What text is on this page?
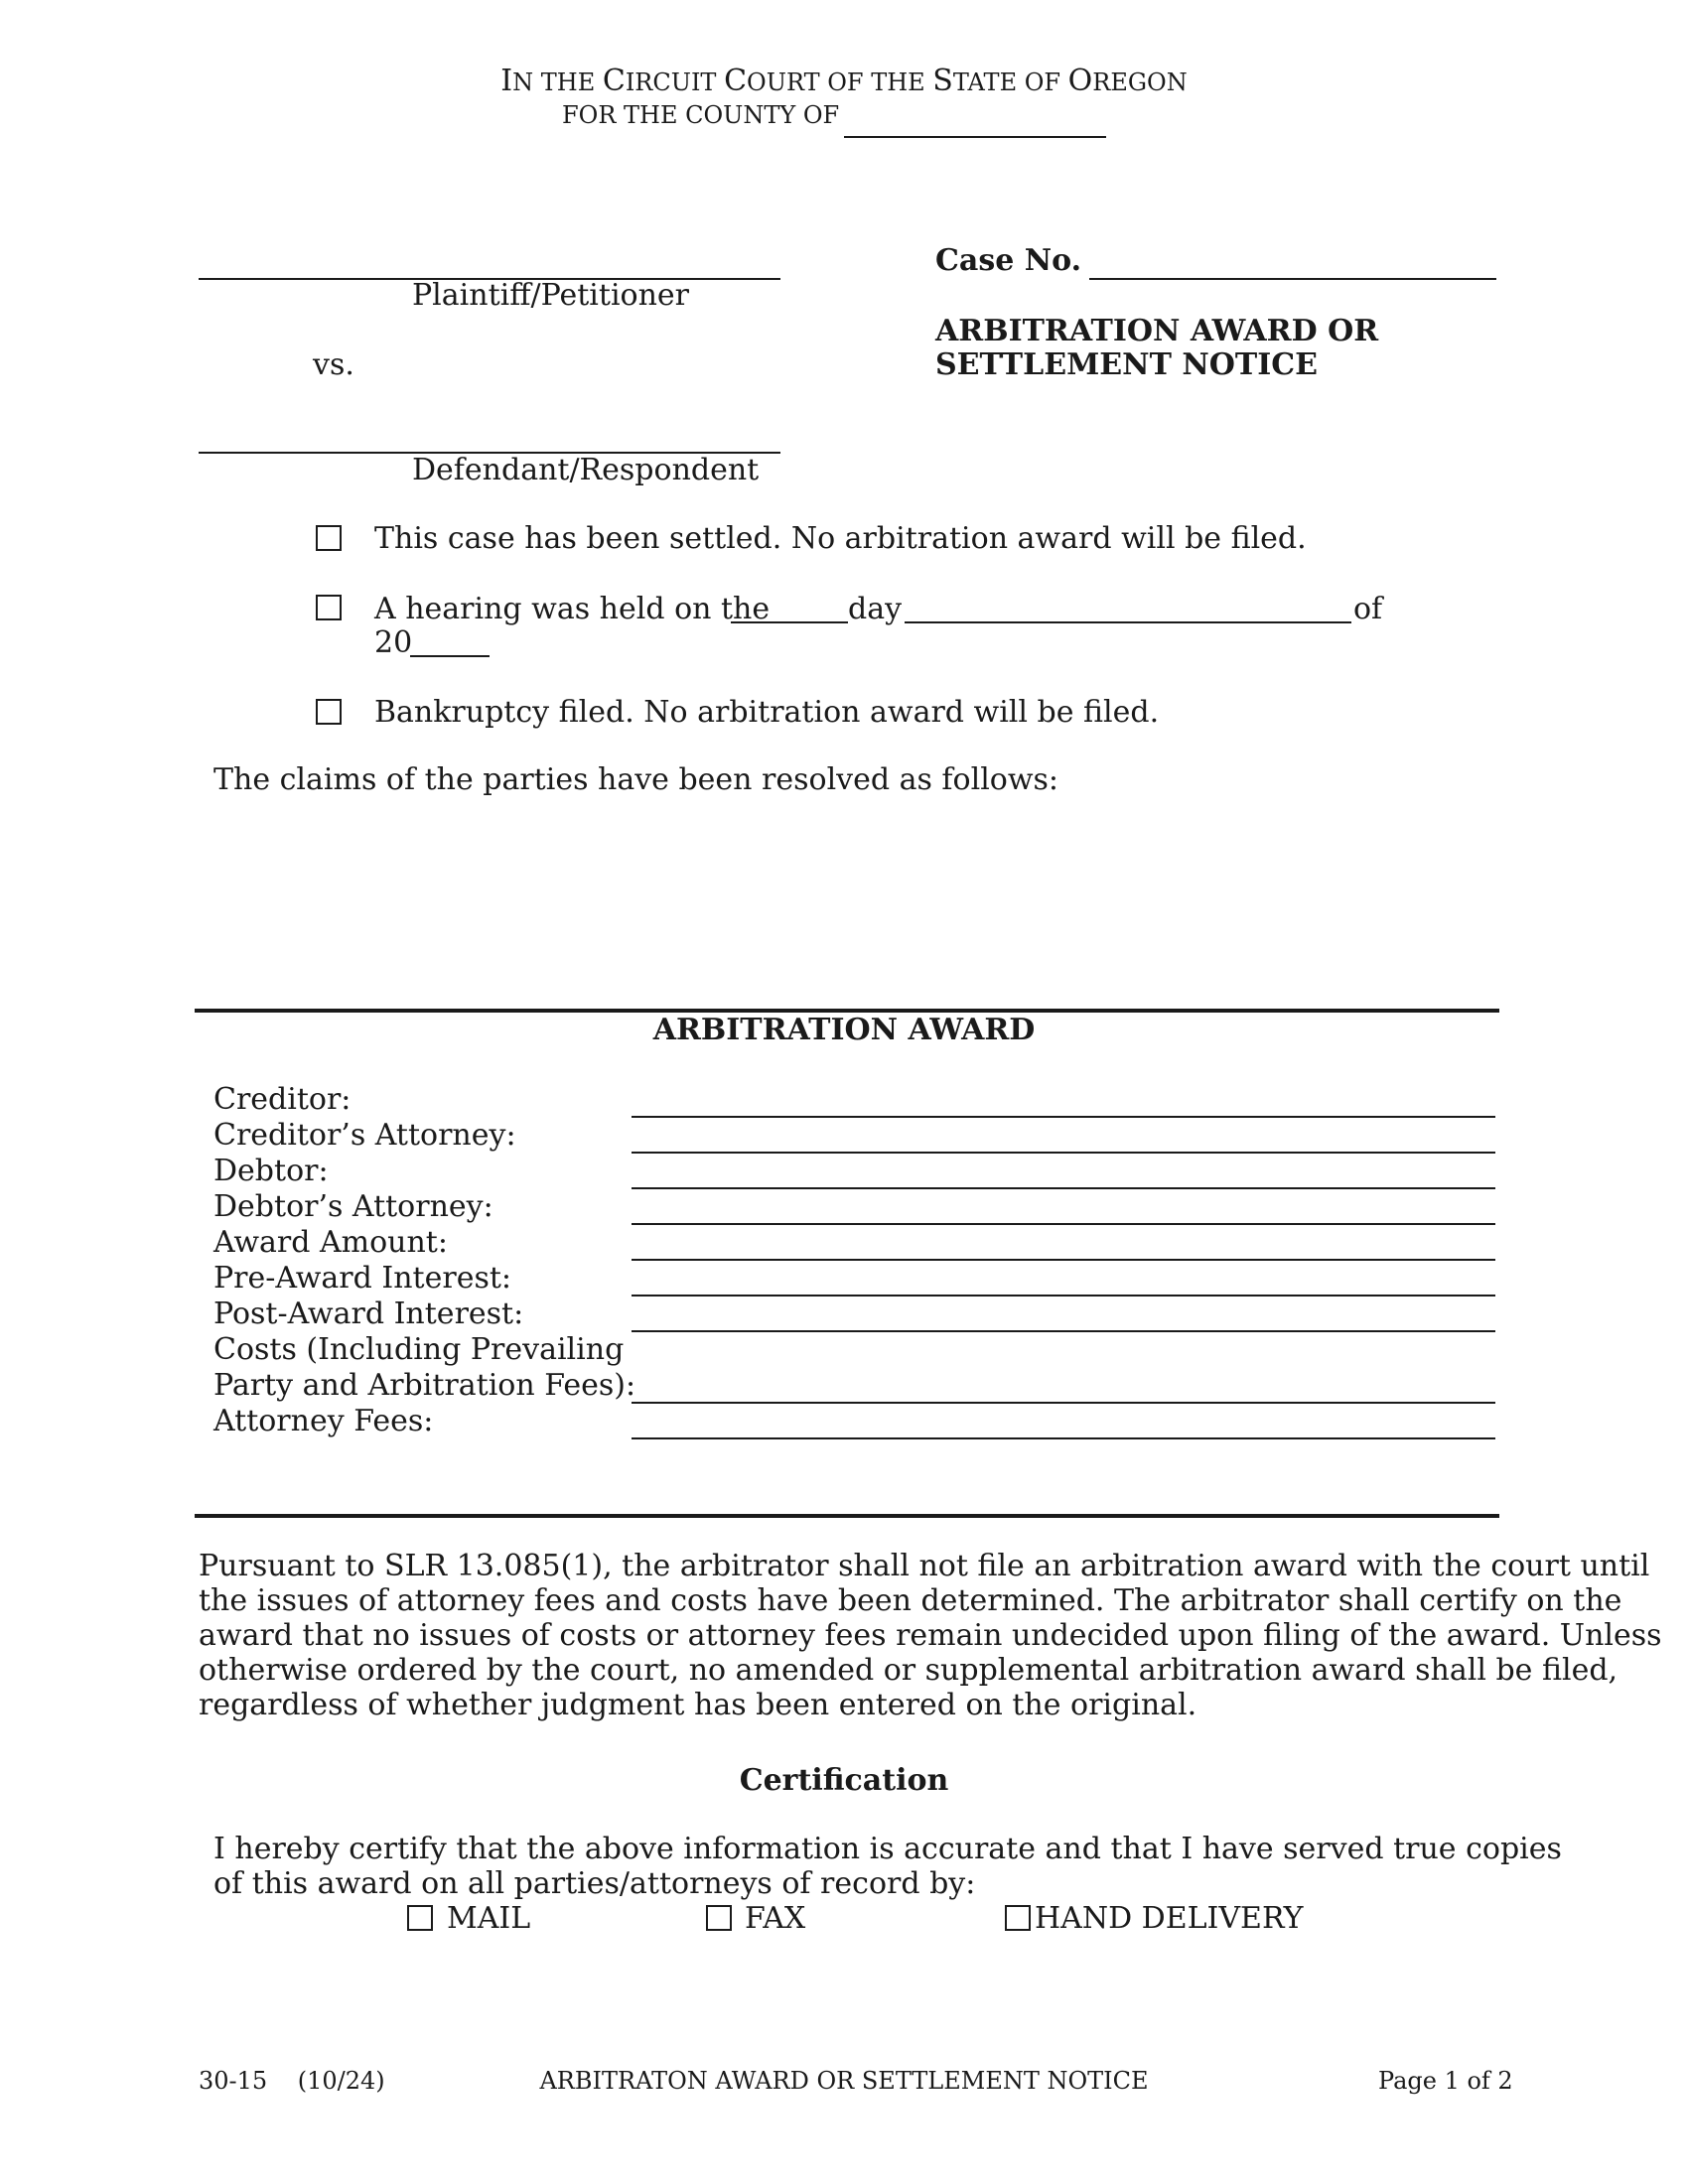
IN THE CIRCUIT COURT OF THE STATE OF OREGON
FOR THE COUNTY OF
Plaintiff/Petitioner
vs.
Defendant/Respondent
Case No.
ARBITRATION AWARD OR
SETTLEMENT NOTICE
This case has been settled. No arbitration award will be filed.
A hearing was held on the	day	of
20
Bankruptcy filed. No arbitration award will be filed.
The claims of the parties have been resolved as follows:
ARBITRATION AWARD
Creditor:
Creditor’s Attorney:
Debtor:
Debtor’s Attorney:
Award Amount:
Pre-Award Interest:
Post-Award Interest:
Costs (Including Prevailing
Party and Arbitration Fees):
Attorney Fees:
Pursuant to SLR 13.085(1), the arbitrator shall not file an arbitration award with the court until
the issues of attorney fees and costs have been determined. The arbitrator shall certify on the
award that no issues of costs or attorney fees remain undecided upon filing of the award. Unless
otherwise ordered by the court, no amended or supplemental arbitration award shall be filed,
regardless of whether judgment has been entered on the original.
Certification
I hereby certify that the above information is accurate and that I have served true copies
of this award on all parties/attorneys of record by:
MAIL	FAX	HAND DELIVERY
30-15    (10/24)	ARBITRATON AWARD OR SETTLEMENT NOTICE	Page 1 of 2
